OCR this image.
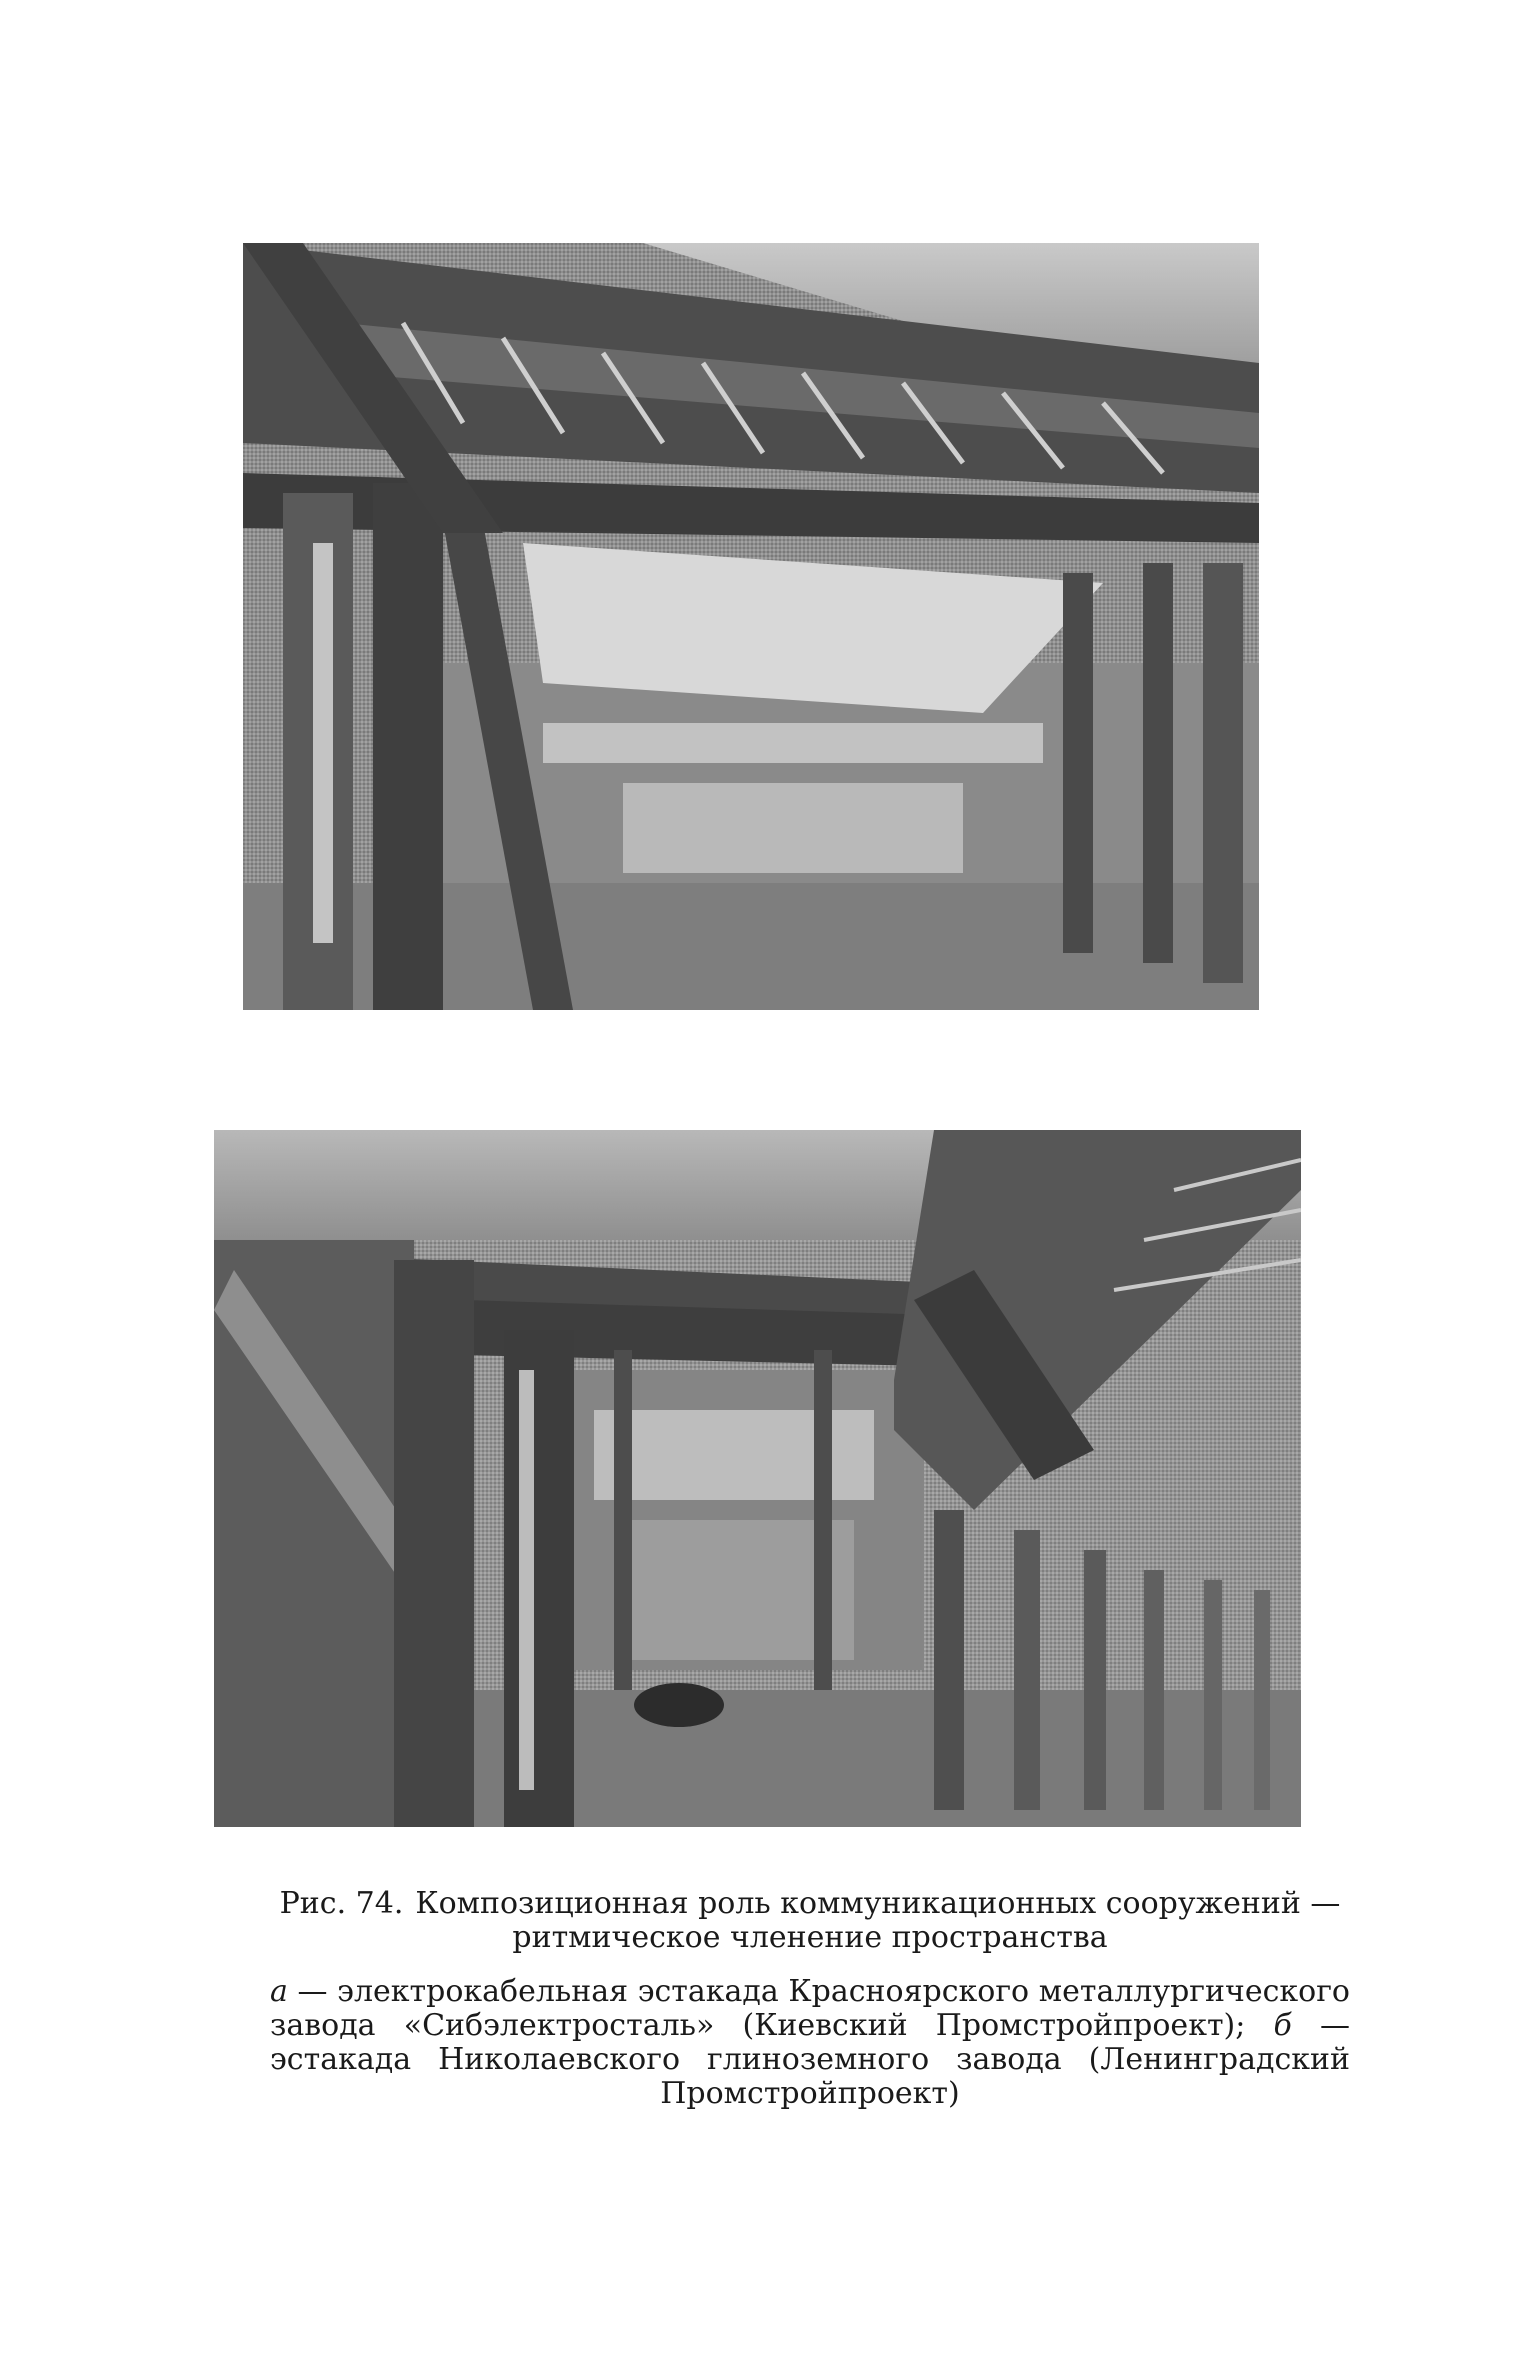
Рис. 74. Композиционная роль коммуникационных сооружений — ритмическое членение пространства
а — электрокабельная эстакада Красноярского металлургического завода «Сибэлектросталь» (Киевский Промстройпроект); б — эстакада Николаевского глиноземного завода (Ленинградский Промстройпроект)
